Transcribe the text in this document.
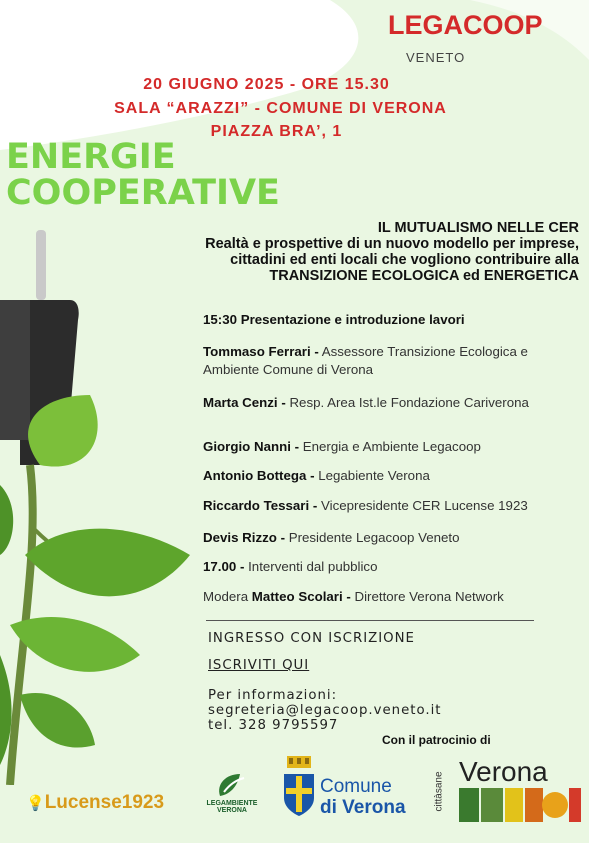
LEGACOOP
VENETO
20 GIUGNO 2025 - ORE 15.30
SALA “ARAZZI” - COMUNE DI VERONA
PIAZZA BRA’, 1
ENERGIE
COOPERATIVE
IL MUTUALISMO NELLE CER
Realtà e prospettive di un nuovo modello per imprese,
cittadini ed enti locali che vogliono contribuire alla
TRANSIZIONE ECOLOGICA ed ENERGETICA
15:30 Presentazione e introduzione lavori
Tommaso Ferrari - Assessore Transizione Ecologica e Ambiente Comune di Verona
Marta Cenzi - Resp. Area Ist.le Fondazione Cariverona
Giorgio Nanni - Energia e Ambiente Legacoop
Antonio Bottega - Legabiente Verona
Riccardo Tessari - Vicepresidente CER Lucense 1923
Devis Rizzo - Presidente Legacoop Veneto
17.00 - Interventi dal pubblico
Modera Matteo Scolari - Direttore Verona Network
INGRESSO CON ISCRIZIONE
ISCRIVITI QUI
Per informazioni:
segreteria@legacoop.veneto.it
tel. 328 9795597
Con il patrocinio di
💡Lucense1923	LEGAMBIENTE
VERONA
Comune
di Verona	cittàsane Verona
